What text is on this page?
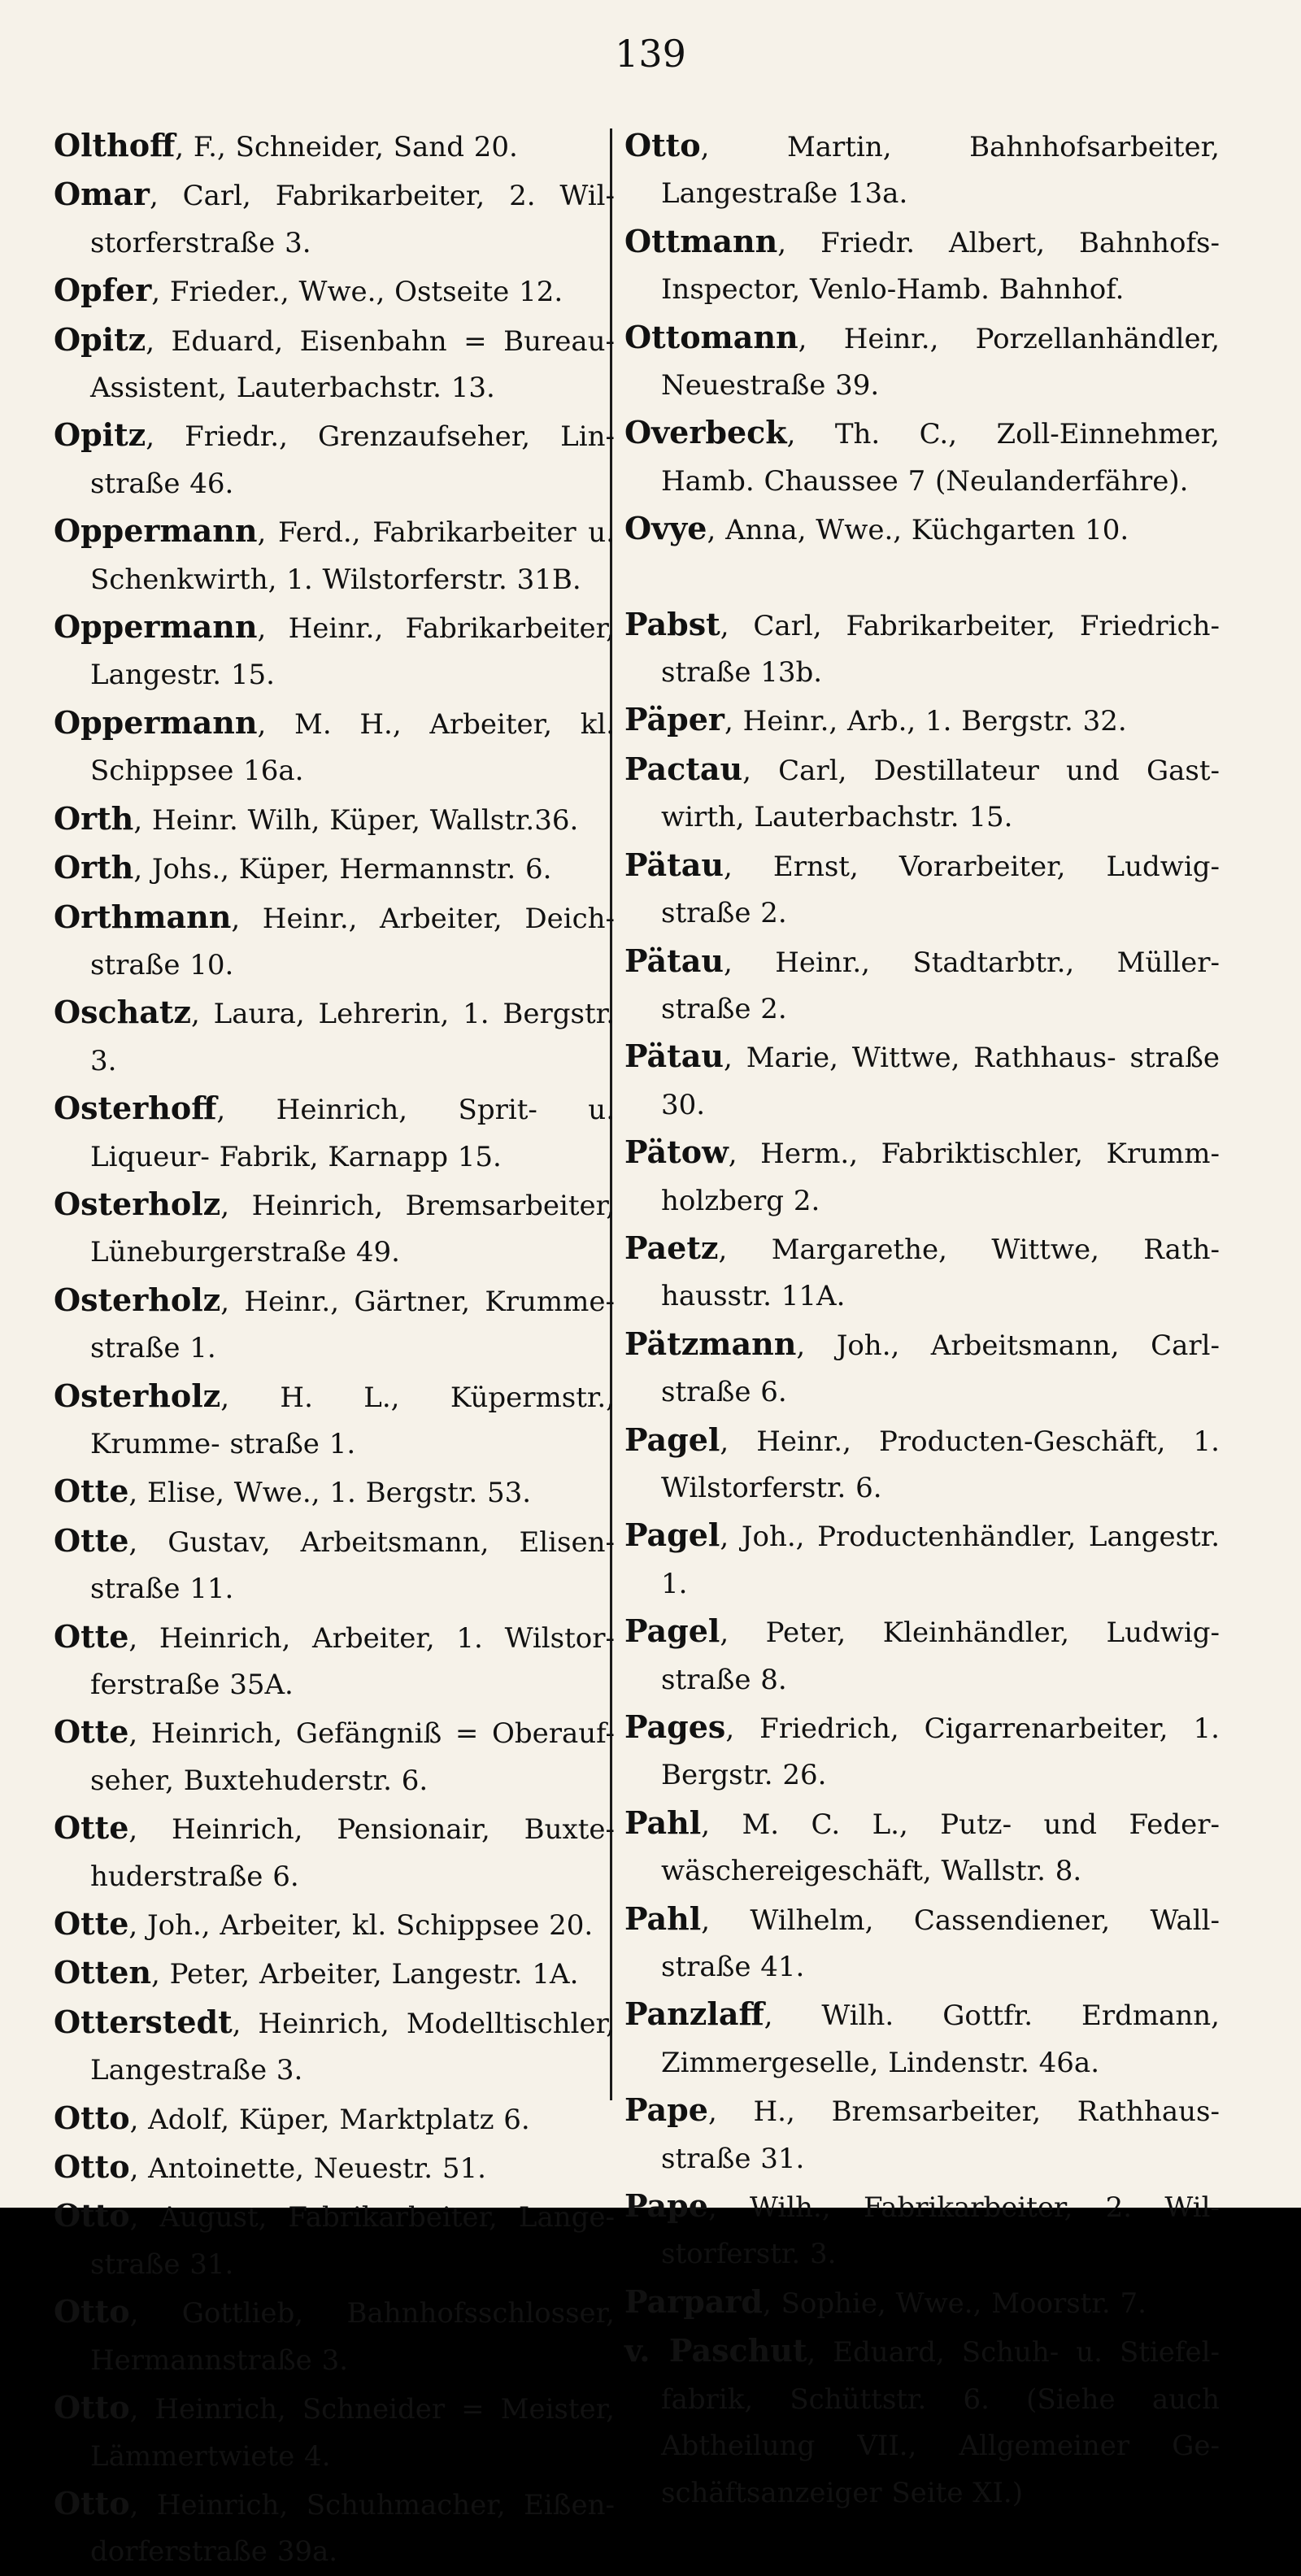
139
Olthoff, F., Schneider, Sand 20.
Omar, Carl, Fabrikarbeiter, 2. Wil- storferstraße 3.
Opfer, Frieder., Wwe., Ostseite 12.
Opitz, Eduard, Eisenbahn = Bureau- Assistent, Lauterbachstr. 13.
Opitz, Friedr., Grenzaufseher, Lin- straße 46.
Oppermann, Ferd., Fabrikarbeiter u. Schenkwirth, 1. Wilstorferstr. 31B.
Oppermann, Heinr., Fabrikarbeiter, Langestr. 15.
Oppermann, M. H., Arbeiter, kl. Schippsee 16a.
Orth, Heinr. Wilh, Küper, Wallstr.36.
Orth, Johs., Küper, Hermannstr. 6.
Orthmann, Heinr., Arbeiter, Deich- straße 10.
Oschatz, Laura, Lehrerin, 1. Bergstr. 3.
Osterhoff, Heinrich, Sprit- u. Liqueur- Fabrik, Karnapp 15.
Osterholz, Heinrich, Bremsarbeiter, Lüneburgerstraße 49.
Osterholz, Heinr., Gärtner, Krumme- straße 1.
Osterholz, H. L., Küpermstr., Krumme- straße 1.
Otte, Elise, Wwe., 1. Bergstr. 53.
Otte, Gustav, Arbeitsmann, Elisen- straße 11.
Otte, Heinrich, Arbeiter, 1. Wilstor- ferstraße 35A.
Otte, Heinrich, Gefängniß = Oberauf- seher, Buxtehuderstr. 6.
Otte, Heinrich, Pensionair, Buxte- huderstraße 6.
Otte, Joh., Arbeiter, kl. Schippsee 20.
Otten, Peter, Arbeiter, Langestr. 1A.
Otterstedt, Heinrich, Modelltischler, Langestraße 3.
Otto, Adolf, Küper, Marktplatz 6.
Otto, Antoinette, Neuestr. 51.
Otto, August, Fabrikarbeiter, Lange- straße 31.
Otto, Gottlieb, Bahnhofsschlosser, Hermannstraße 3.
Otto, Heinrich, Schneider = Meister, Lämmertwiete 4.
Otto, Heinrich, Schuhmacher, Eißen- dorferstraße 39a.
Otto, Martin, Bahnhofsarbeiter, Langestraße 13a.
Ottmann, Friedr. Albert, Bahnhofs- Inspector, Venlo-Hamb. Bahnhof.
Ottomann, Heinr., Porzellanhändler, Neuestraße 39.
Overbeck, Th. C., Zoll-Einnehmer, Hamb. Chaussee 7 (Neulanderfähre).
Ovye, Anna, Wwe., Küchgarten 10.
Pabst, Carl, Fabrikarbeiter, Friedrich- straße 13b.
Päper, Heinr., Arb., 1. Bergstr. 32.
Pactau, Carl, Destillateur und Gast- wirth, Lauterbachstr. 15.
Pätau, Ernst, Vorarbeiter, Ludwig- straße 2.
Pätau, Heinr., Stadtarbtr., Müller- straße 2.
Pätau, Marie, Wittwe, Rathhaus- straße 30.
Pätow, Herm., Fabriktischler, Krumm- holzberg 2.
Paetz, Margarethe, Wittwe, Rath- hausstr. 11A.
Pätzmann, Joh., Arbeitsmann, Carl- straße 6.
Pagel, Heinr., Producten-Geschäft, 1. Wilstorferstr. 6.
Pagel, Joh., Productenhändler, Langestr. 1.
Pagel, Peter, Kleinhändler, Ludwig- straße 8.
Pages, Friedrich, Cigarrenarbeiter, 1. Bergstr. 26.
Pahl, M. C. L., Putz- und Feder- wäschereigeschäft, Wallstr. 8.
Pahl, Wilhelm, Cassendiener, Wall- straße 41.
Panzlaff, Wilh. Gottfr. Erdmann, Zimmergeselle, Lindenstr. 46a.
Pape, H., Bremsarbeiter, Rathhaus- straße 31.
Pape, Wilh., Fabrikarbeiter, 2. Wil- storferstr. 3.
Parpard, Sophie, Wwe., Moorstr. 7.
v. Paschut, Eduard, Schuh- u. Stiefel- fabrik, Schüttstr. 6. (Siehe auch Abtheilung VII., Allgemeiner Ge- schäftsanzeiger Seite XI.)
